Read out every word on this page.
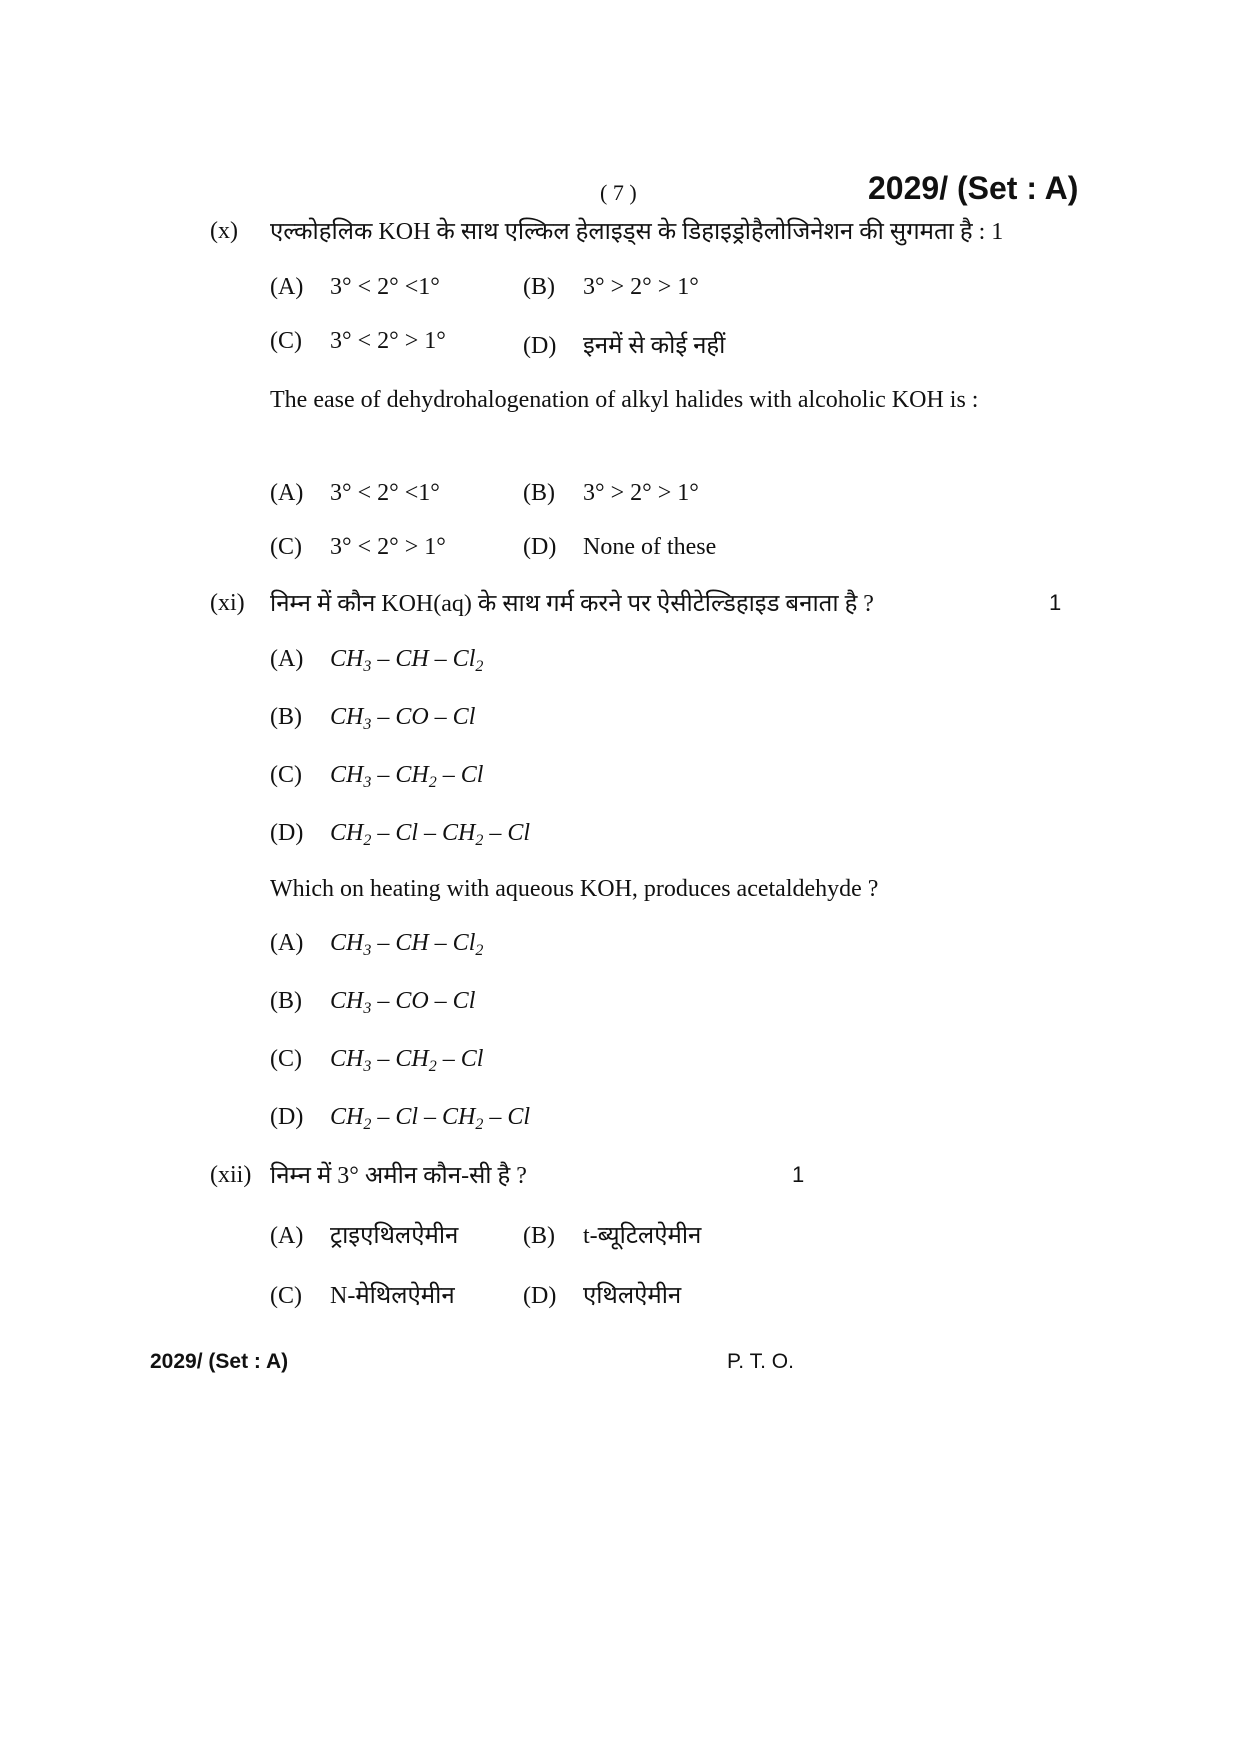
( 7 )	2029/ (Set : A)
(x) एल्कोहलिक KOH के साथ एल्किल हेलाइड्स के डिहाइड्रोहैलोजिनेशन की सुगमता है : 1
(A) 3° < 2° <1°	(B) 3° > 2° > 1°
(C) 3° < 2° > 1°	(D) इनमें से कोई नहीं
The ease of dehydrohalogenation of alkyl halides with alcoholic KOH is :
(A) 3° < 2° <1°	(B) 3° > 2° > 1°
(C) 3° < 2° > 1°	(D) None of these
(xi) निम्न में कौन KOH(aq) के साथ गर्म करने पर ऐसीटेल्डिहाइड बनाता है ?	1
(A) $CH_3$ – CH – $Cl_2$
(B) $CH_3$ – CO – Cl
(C) $CH_3 - CH_2$ – Cl
(D) $CH_2$ – Cl – $CH_2$ – Cl
Which on heating with aqueous KOH, produces acetaldehyde ?
(A) $CH_3$ – CH – $Cl_2$
(B) $CH_3$ – CO – Cl
(C) $CH_3 - CH_2$ – Cl
(D) $CH_2$ – Cl – $CH_2$ – Cl
(xii) निम्न में 3° अमीन कौन-सी है ?	1
(A) ट्राइएथिलऐमीन	(B) t-ब्यूटिलऐमीन
(C) N-मेथिलऐमीन	(D) एथिलऐमीन
2029/ (Set : A)	P. T. O.
